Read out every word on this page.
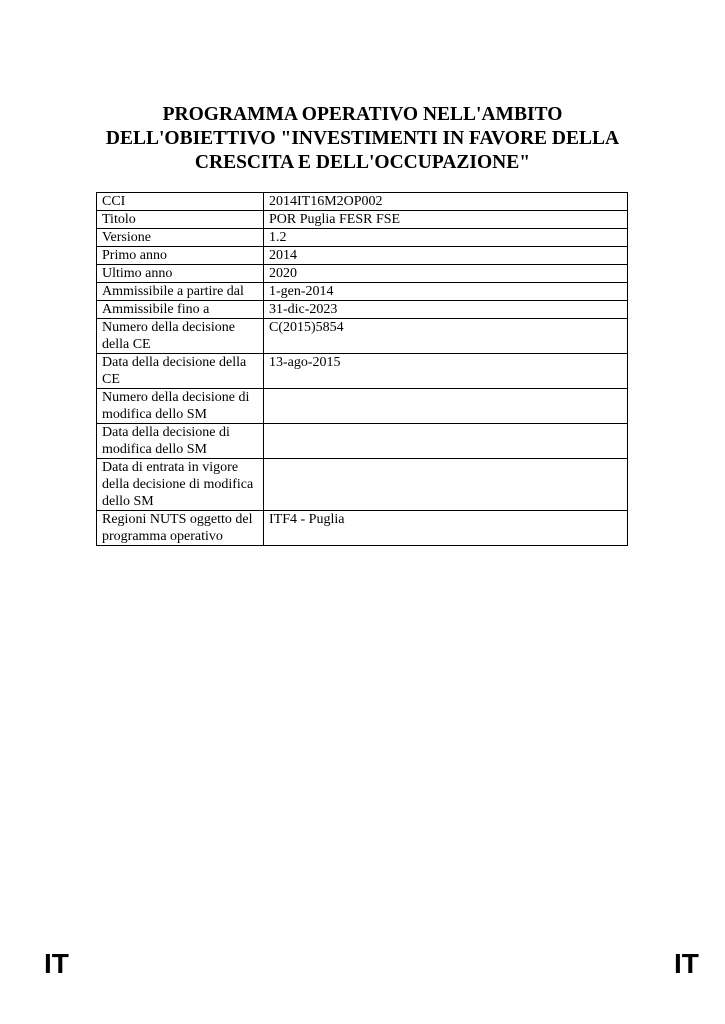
PROGRAMMA OPERATIVO NELL'AMBITO
DELL'OBIETTIVO "INVESTIMENTI IN FAVORE DELLA
CRESCITA E DELL'OCCUPAZIONE"
CCI	2014IT16M2OP002
Titolo	POR Puglia FESR FSE
Versione	1.2
Primo anno	2014
Ultimo anno	2020
Ammissibile a partire dal	1-gen-2014
Ammissibile fino a	31-dic-2023
Numero della decisione della CE	C(2015)5854
Data della decisione della CE	13-ago-2015
Numero della decisione di modifica dello SM	
Data della decisione di modifica dello SM	
Data di entrata in vigore della decisione di modifica dello SM	
Regioni NUTS oggetto del programma operativo	ITF4 - Puglia
IT	IT
